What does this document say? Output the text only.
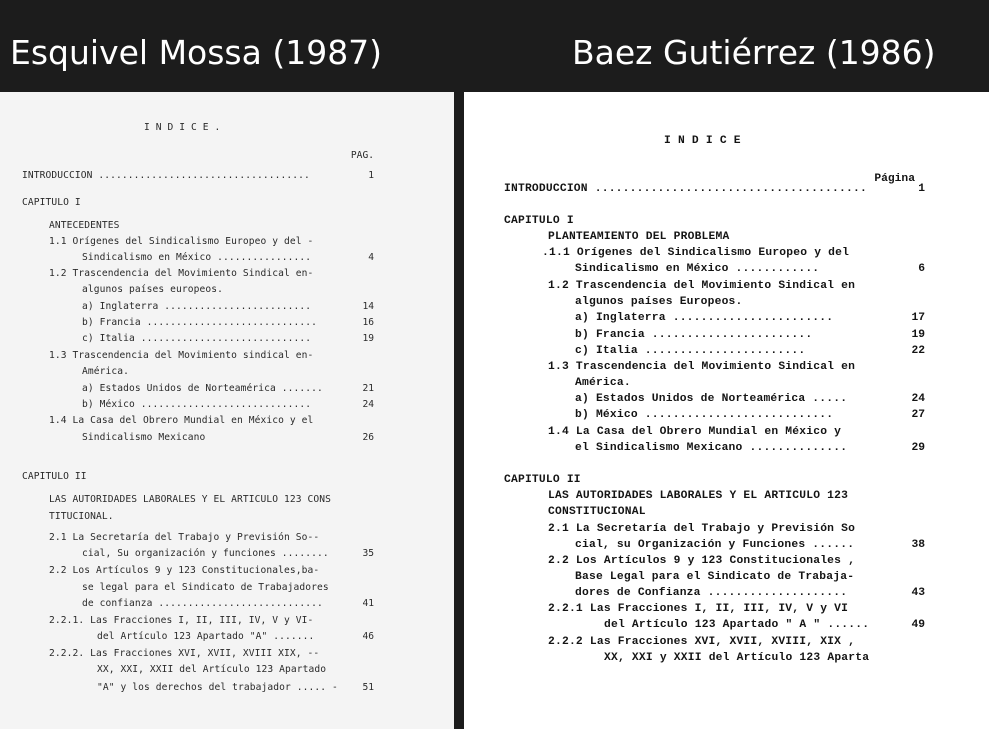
Esquivel Mossa (1987)	Baez Gutiérrez (1986)
I N D I C E .
PAG.
INTRODUCCION ....................................	1
CAPITULO I
ANTECEDENTES
1.1 Orígenes del Sindicalismo Europeo y del -
Sindicalismo en México ................	4
1.2 Trascendencia del Movimiento Sindical en-
algunos países europeos.
a) Inglaterra .........................	14
b) Francia .............................	16
c) Italia .............................	19
1.3 Trascendencia del Movimiento sindical en-
América.
a) Estados Unidos de Norteamérica .......	21
b) México .............................	24
1.4 La Casa del Obrero Mundial en México y el
Sindicalismo Mexicano	26
CAPITULO II
LAS AUTORIDADES LABORALES Y EL ARTICULO 123 CONS
TITUCIONAL.
2.1 La Secretaría del Trabajo y Previsión So--
cial, Su organización y funciones ........	35
2.2 Los Artículos 9 y 123 Constitucionales,ba-
se legal para el Sindicato de Trabajadores
de confianza ............................	41
2.2.1. Las Fracciones I, II, III, IV, V y VI-
del Artículo 123 Apartado "A" .......	46
2.2.2. Las Fracciones XVI, XVII, XVIII XIX, --
XX, XXI, XXII del Artículo 123 Apartado
"A" y los derechos del trabajador ..... -	51
I N D I C E
Página
INTRODUCCION .......................................	1
CAPITULO I
PLANTEAMIENTO DEL PROBLEMA
.1.1 Orígenes del Sindicalismo Europeo y del
Sindicalismo en México ............	6
1.2 Trascendencia del Movimiento Sindical en
algunos países Europeos.
a) Inglaterra .......................	17
b) Francia .......................	19
c) Italia .......................	22
1.3 Trascendencia del Movimiento Sindical en
América.
a) Estados Unidos de Norteamérica .....	24
b) México ...........................	27
1.4 La Casa del Obrero Mundial en México y
el Sindicalismo Mexicano ..............	29
CAPITULO II
LAS AUTORIDADES LABORALES Y EL ARTICULO 123
CONSTITUCIONAL
2.1 La Secretaría del Trabajo y Previsión So
cial, su Organización y Funciones ......	38
2.2 Los Artículos 9 y 123 Constitucionales ,
Base Legal para el Sindicato de Trabaja-
dores de Confianza ....................	43
2.2.1 Las Fracciones I, II, III, IV, V y VI
del Artículo 123 Apartado " A " ......	49
2.2.2 Las Fracciones XVI, XVII, XVIII, XIX ,
XX, XXI y XXII del Artículo 123 Aparta
